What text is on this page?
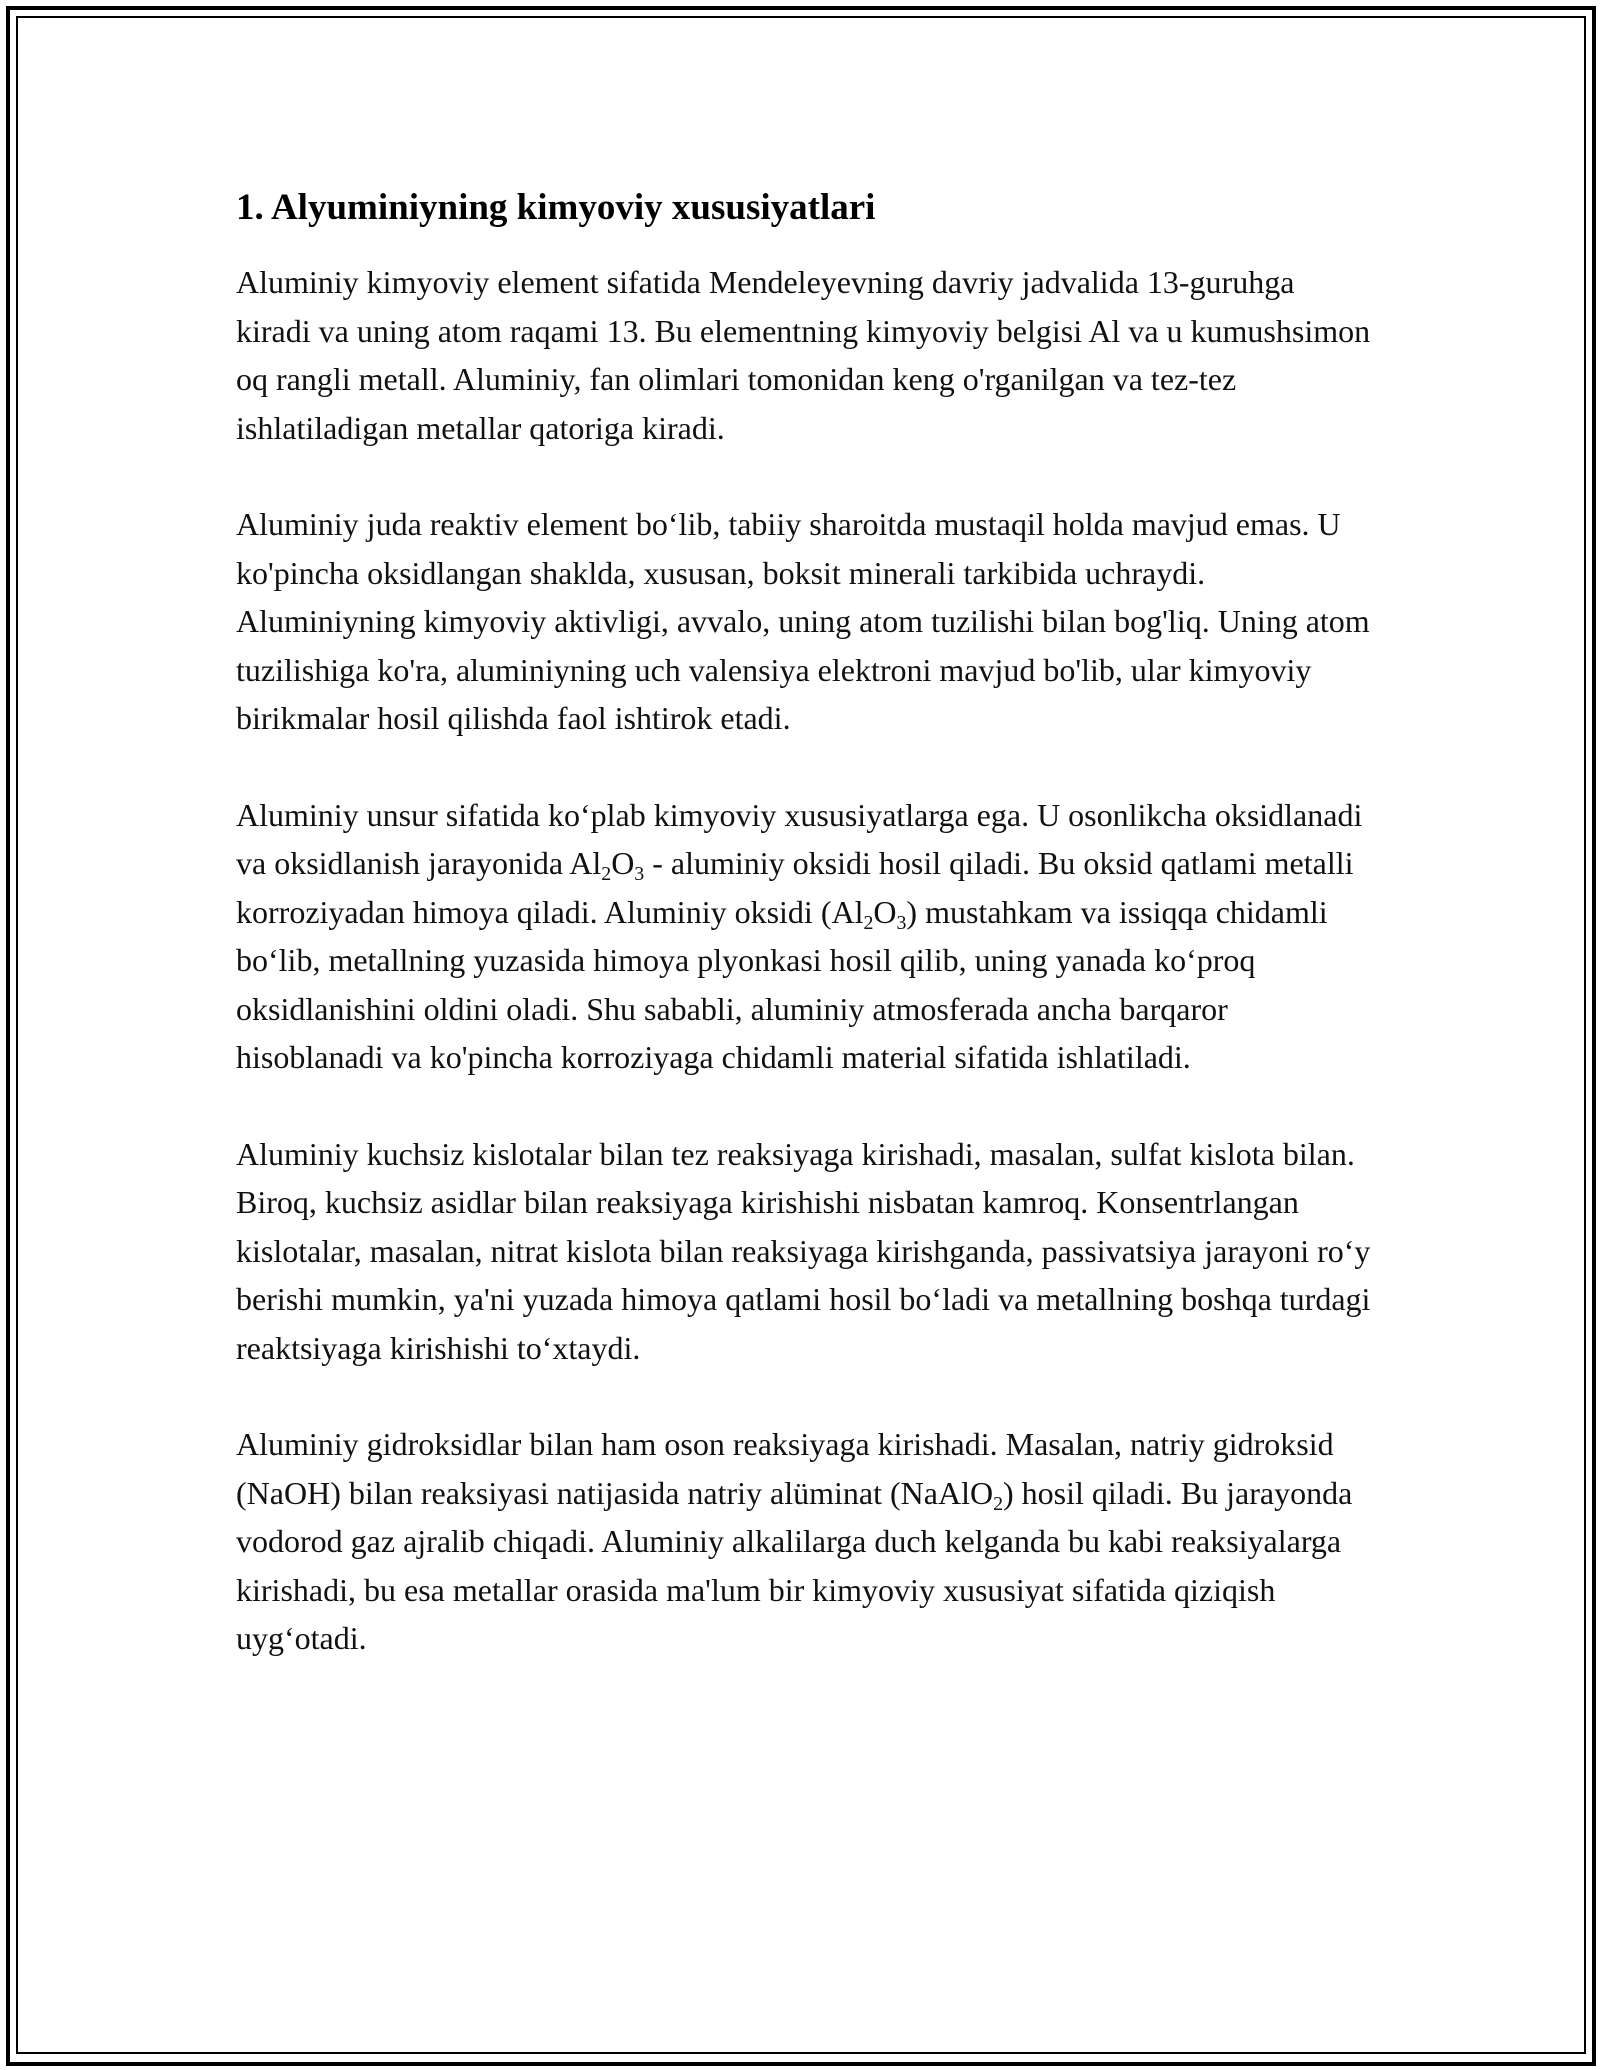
1. Alyuminiyning kimyoviy xususiyatlari

Aluminiy kimyoviy element sifatida Mendeleyevning davriy jadvalida 13-guruhga kiradi va uning atom raqami 13. Bu elementning kimyoviy belgisi Al va u kumushsimon oq rangli metall. Aluminiy, fan olimlari tomonidan keng o'rganilgan va tez-tez ishlatiladigan metallar qatoriga kiradi.

Aluminiy juda reaktiv element bo‘lib, tabiiy sharoitda mustaqil holda mavjud emas. U ko'pincha oksidlangan shakldа, xususan, boksit minerali tarkibida uchraydi. Aluminiyning kimyoviy aktivligi, avvalo, uning atom tuzilishi bilan bog'liq. Uning atom tuzilishiga ko'ra, aluminiyning uch valensiya elektroni mavjud bo'lib, ular kimyoviy birikmalar hosil qilishda faol ishtirok etadi.

Aluminiy unsur sifatida ko‘plab kimyoviy xususiyatlarga ega. U osonlikcha oksidlanadi va oksidlanish jarayonida $Al_2O_3$ - aluminiy oksidi hosil qiladi. Bu oksid qatlami metalli korroziyadan himoya qiladi. Aluminiy oksidi $(Al_2O_3)$ mustahkam va issiqqa chidamli bo‘lib, metallning yuzasida himoya plyonkasi hosil qilib, uning yanada ko‘proq oksidlanishini oldini oladi. Shu sababli, aluminiy atmosferada ancha barqaror hisoblanadi va ko'pincha korroziyaga chidamli material sifatida ishlatiladi.

Aluminiy kuchsiz kislotalar bilan tez reaksiyaga kirishadi, masalan, sulfat kislota bilan. Biroq, kuchsiz asidlar bilan reaksiyaga kirishishi nisbatan kamroq. Konsentrlangan kislotalar, masalan, nitrat kislota bilan reaksiyaga kirishganda, passivatsiya jarayoni ro‘y berishi mumkin, ya'ni yuzada himoya qatlami hosil bo‘ladi va metallning boshqa turdagi reaktsiyaga kirishishi to‘xtaydi.

Aluminiy gidroksidlar bilan ham oson reaksiyaga kirishadi. Masalan, natriy gidroksid (NaOH) bilan reaksiyasi natijasida natriy alüminat (NaAlO$_2$) hosil qiladi. Bu jarayonda vodorod gaz ajralib chiqadi. Aluminiy alkalilarga duch kelganda bu kabi reaksiyalarga kirishadi, bu esa metallar orasida ma'lum bir kimyoviy xususiyat sifatida qiziqish uyg‘otadi.
